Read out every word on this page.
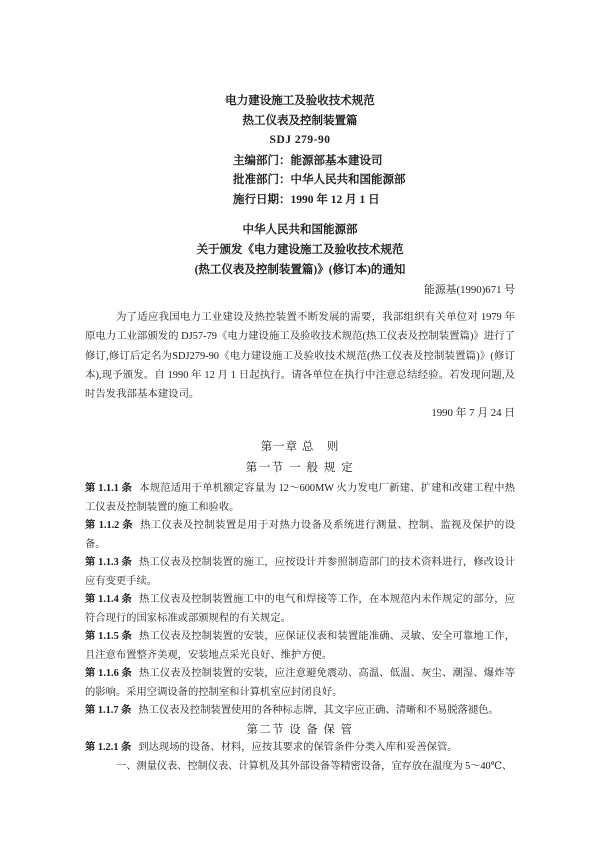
电力建设施工及验收技术规范
热工仪表及控制装置篇
SDJ 279-90
主编部门：能源部基本建设司
批准部门：中华人民共和国能源部
施行日期：1990 年 12 月 1 日
中华人民共和国能源部
关于颁发《电力建设施工及验收技术规范
(热工仪表及控制装置篇)》(修订本)的通知
能源基(1990)671 号

为了适应我国电力工业建设及热控装置不断发展的需要，我部组织有关单位对 1979 年原电力工业部颁发的 DJ57-79《电力建设施工及验收技术规范(热工仪表及控制装置篇)》进行了修订,修订后定名为SDJ279-90《电力建设施工及验收技术规范(热工仪表及控制装置篇)》(修订本),现予颁发。自 1990 年 12 月 1 日起执行。请各单位在执行中注意总结经验。若发现问题,及时告发我部基本建设司。

1990 年 7 月 24 日
第一章 总　则
第一节 一 般 规 定

第 1.1.1 条 本规范适用于单机额定容量为 12～600MW 火力发电厂新建、扩建和改建工程中热工仪表及控制装置的施工和验收。

第 1.1.2 条 热工仪表及控制装置是用于对热力设备及系统进行测量、控制、监视及保护的设备。

第 1.1.3 条 热工仪表及控制装置的施工，应按设计并参照制造部门的技术资料进行，修改设计应有变更手续。

第 1.1.4 条 热工仪表及控制装置施工中的电气和焊接等工作，在本规范内未作规定的部分，应符合现行的国家标准或部颁规程的有关规定。

第 1.1.5 条 热工仪表及控制装置的安装，应保证仪表和装置能准确、灵敏、安全可靠地工作，且注意布置整齐美观，安装地点采光良好、维护方便。

第 1.1.6 条 热工仪表及控制装置的安装，应注意避免震动、高温、低温、灰尘、潮湿、爆炸等的影响。采用空调设备的控制室和计算机室应封闭良好。

第 1.1.7 条 热工仪表及控制装置使用的各种标志牌，其文字应正确、清晰和不易脱落褪色。

第二节 设 备 保 管

第 1.2.1 条 到达现场的设备、材料，应按其要求的保管条件分类入库和妥善保管。

一、测量仪表、控制仪表、计算机及其外部设备等精密设备，宜存放在温度为 5～40℃、
